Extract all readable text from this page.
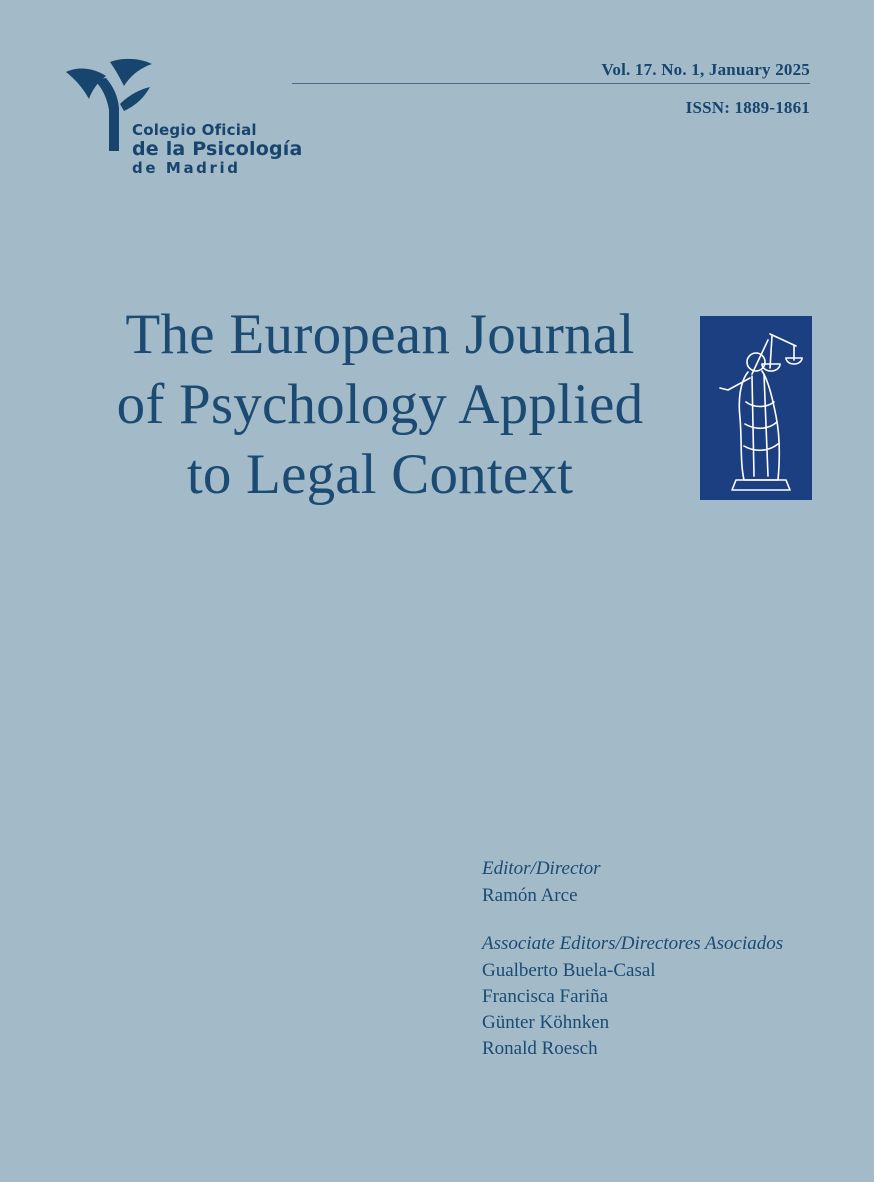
Colegio Oficial
de la Psicología
de Madrid
Vol. 17. No. 1, January 2025
ISSN: 1889-1861
The European Journal
of Psychology Applied
to Legal Context

Editor/Director

Ramón Arce

Associate Editors/Directores Asociados

Gualberto Buela-Casal

Francisca Fariña

Günter Köhnken

Ronald Roesch
